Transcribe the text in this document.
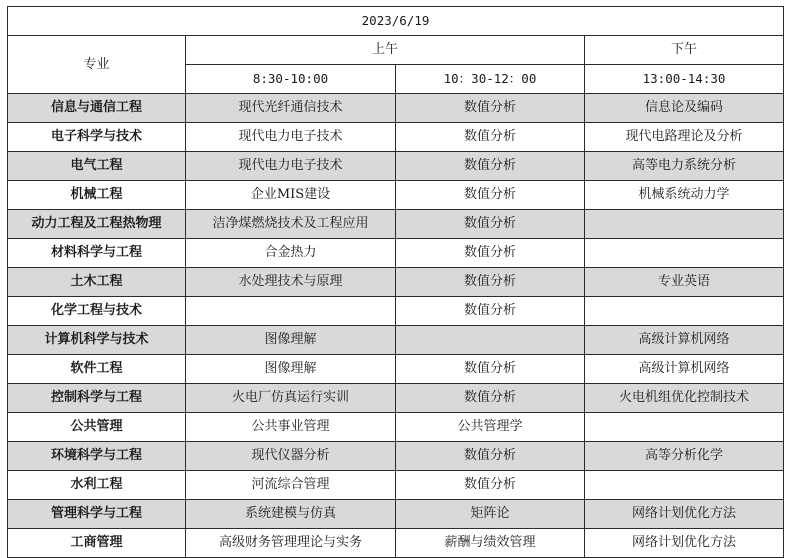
2023/6/19			
专业	上午		下午
	8:30-10:00	10：30-12：00	13:00-14:30
信息与通信工程	现代光纤通信技术	数值分析	信息论及编码
电子科学与技术	现代电力电子技术	数值分析	现代电路理论及分析
电气工程	现代电力电子技术	数值分析	高等电力系统分析
机械工程	企业MIS建设	数值分析	机械系统动力学
动力工程及工程热物理	洁净煤燃烧技术及工程应用	数值分析	
材料科学与工程	合金热力	数值分析	
土木工程	水处理技术与原理	数值分析	专业英语
化学工程与技术		数值分析	
计算机科学与技术	图像理解		高级计算机网络
软件工程	图像理解	数值分析	高级计算机网络
控制科学与工程	火电厂仿真运行实训	数值分析	火电机组优化控制技术
公共管理	公共事业管理	公共管理学	
环境科学与工程	现代仪器分析	数值分析	高等分析化学
水利工程	河流综合管理	数值分析	
管理科学与工程	系统建模与仿真	矩阵论	网络计划优化方法
工商管理	高级财务管理理论与实务	薪酬与绩效管理	网络计划优化方法
